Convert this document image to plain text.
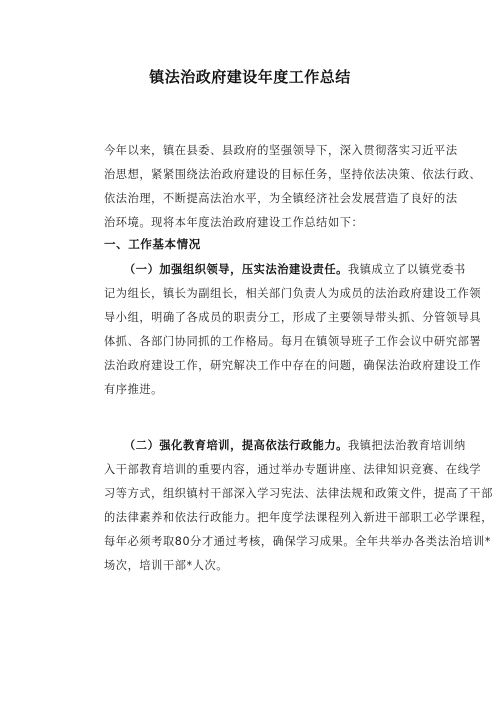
镇法治政府建设年度工作总结

今年以来，镇在县委、县政府的坚强领导下，深入贯彻落实习近平法
治思想，紧紧围绕法治政府建设的目标任务，坚持依法决策、依法行政、
依法治理，不断提高法治水平，为全镇经济社会发展营造了良好的法
治环境。现将本年度法治政府建设工作总结如下：

一、工作基本情况

（一）加强组织领导，压实法治建设责任。我镇成立了以镇党委书
记为组长，镇长为副组长，相关部门负责人为成员的法治政府建设工作领
导小组，明确了各成员的职责分工，形成了主要领导带头抓、分管领导具
体抓、各部门协同抓的工作格局。每月在镇领导班子工作会议中研究部署
法治政府建设工作，研究解决工作中存在的问题，确保法治政府建设工作
有序推进。

（二）强化教育培训，提高依法行政能力。我镇把法治教育培训纳
入干部教育培训的重要内容，通过举办专题讲座、法律知识竞赛、在线学
习等方式，组织镇村干部深入学习宪法、法律法规和政策文件，提高了干部
的法律素养和依法行政能力。把年度学法课程列入新进干部职工必学课程，
每年必须考取80分才通过考核，确保学习成果。全年共举办各类法治培训*
场次，培训干部*人次。
